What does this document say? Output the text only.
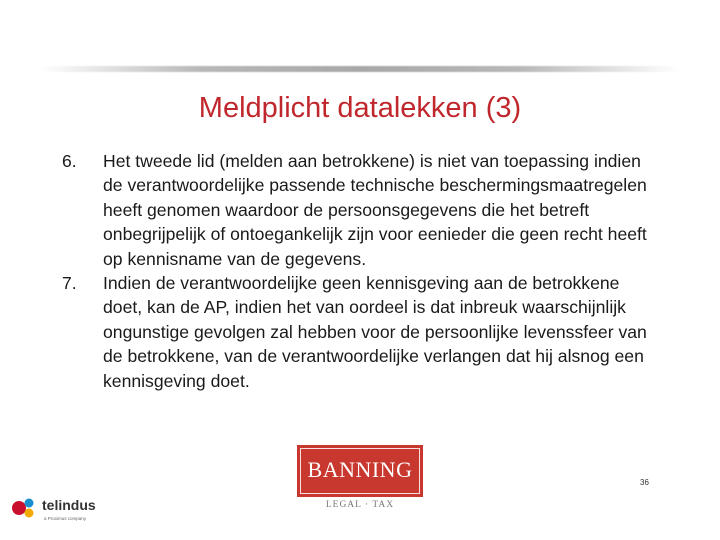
Meldplicht datalekken (3)
6. Het tweede lid (melden aan betrokkene) is niet van toepassing indien de verantwoordelijke passende technische beschermingsmaatregelen heeft genomen waardoor de persoonsgegevens die het betreft onbegrijpelijk of ontoegankelijk zijn voor eenieder die geen recht heeft op kennisname van de gegevens.
7. Indien de verantwoordelijke geen kennisgeving aan de betrokkene doet, kan de AP, indien het van oordeel is dat inbreuk waarschijnlijk ongunstige gevolgen zal hebben voor de persoonlijke levenssfeer van de betrokkene, van de verantwoordelijke verlangen dat hij alsnog een kennisgeving doet.
BANNING
LEGAL · TAX
36
telindus
a Proximus company
